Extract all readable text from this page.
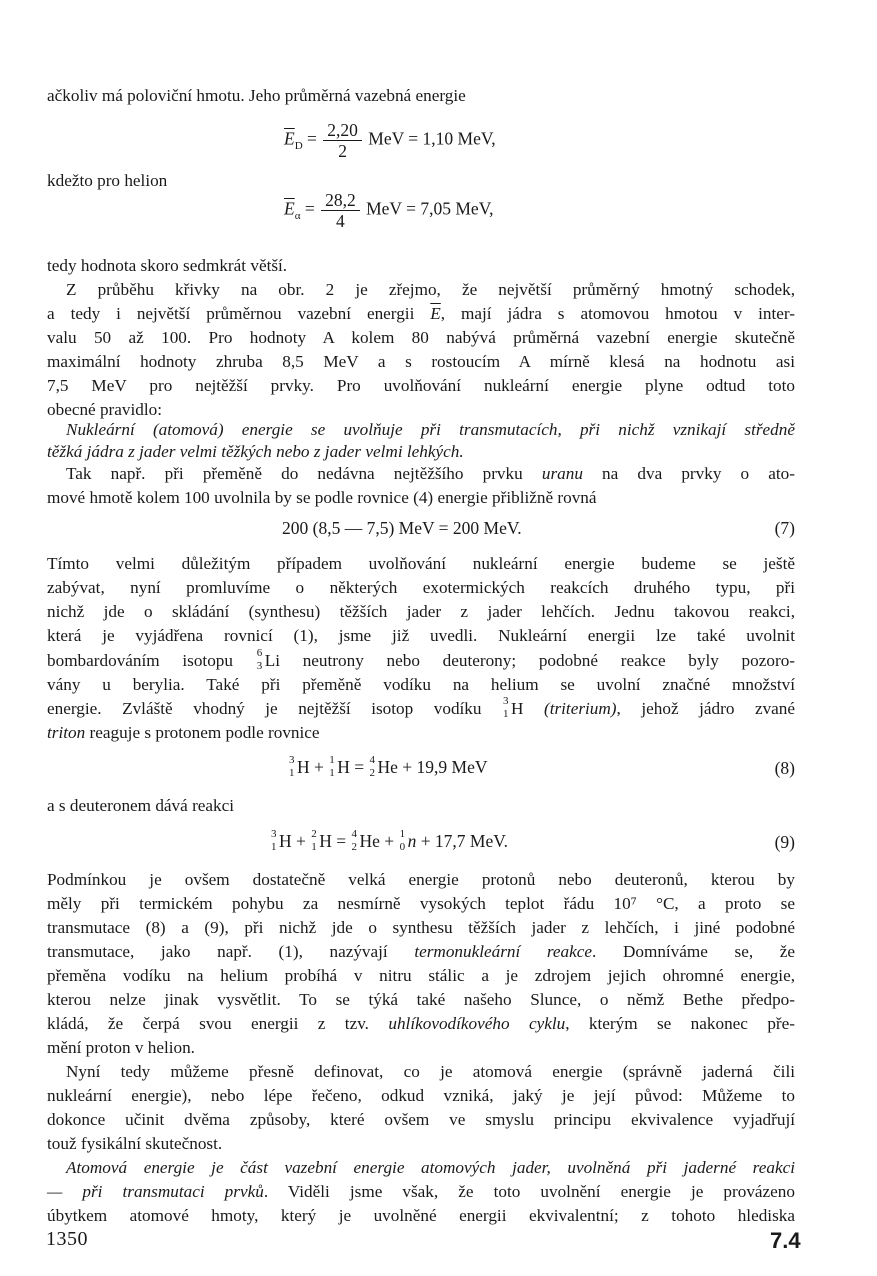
ačkoliv má poloviční hmotu. Jeho průměrná vazebná energie
$\overline{E}_D = \frac{2,20}{2}$ MeV = 1,10 MeV,
kdežto pro helion
$\overline{E}_\alpha = \frac{28,2}{4}$ MeV = 7,05 MeV,
tedy hodnota skoro sedmkrát větší.
Z průběhu křivky na obr. 2 je zřejmo, že největší průměrný hmotný schodek,
a tedy i největší průměrnou vazební energii $\overline{E}$, mají jádra s atomovou hmotou v inter-
valu 50 až 100. Pro hodnoty A kolem 80 nabývá průměrná vazební energie skutečně
maximální hodnoty zhruba 8,5 MeV a s rostoucím A mírně klesá na hodnotu asi
7,5 MeV pro nejtěžší prvky. Pro uvolňování nukleární energie plyne odtud toto
obecné pravidlo:
Nukleární (atomová) energie se uvolňuje při transmutacích, při nichž vznikají středně
těžká jádra z jader velmi těžkých nebo z jader velmi lehkých.
Tak např. při přeměně do nedávna nejtěžšího prvku uranu na dva prvky o ato-
mové hmotě kolem 100 uvolnila by se podle rovnice (4) energie přibližně rovná
200 (8,5 — 7,5) MeV = 200 MeV.	(7)
Tímto velmi důležitým případem uvolňování nukleární energie budeme se ještě
zabývat, nyní promluvíme o některých exotermických reakcích druhého typu, při
nichž jde o skládání (synthesu) těžších jader z jader lehčích. Jednu takovou reakci,
která je vyjádřena rovnicí (1), jsme již uvedli. Nukleární energii lze také uvolnit
bombardováním isotopu 6
3 Li neutrony nebo deuterony; podobné reakce byly pozoro-
vány u berylia. Také při přeměně vodíku na helium se uvolní značné množství
energie. Zvláště vhodný je nejtěžší isotop vodíku 3
1 H (triterium), jehož jádro zvané
triton reaguje s protonem podle rovnice
3
1 H + 1
1 H = 4
2 He + 19,9 MeV	(8)
a s deuteronem dává reakci
3
1 H + 2
1 H = 4
2 He + 1
0 n + 17,7 MeV.	(9)
Podmínkou je ovšem dostatečně velká energie protonů nebo deuteronů, kterou by
měly při termickém pohybu za nesmírně vysokých teplot řádu 10⁷ °C, a proto se
transmutace (8) a (9), při nichž jde o synthesu těžších jader z lehčích, i jiné podobné
transmutace, jako např. (1), nazývají termonukleární reakce. Domníváme se, že
přeměna vodíku na helium probíhá v nitru stálic a je zdrojem jejich ohromné energie,
kterou nelze jinak vysvětlit. To se týká také našeho Slunce, o němž Bethe předpo-
kládá, že čerpá svou energii z tzv. uhlíkovodíkového cyklu, kterým se nakonec pře-
mění proton v helion.
Nyní tedy můžeme přesně definovat, co je atomová energie (správně jaderná čili
nukleární energie), nebo lépe řečeno, odkud vzniká, jaký je její původ: Můžeme to
dokonce učinit dvěma způsoby, které ovšem ve smyslu principu ekvivalence vyjadřují
touž fysikální skutečnost.
Atomová energie je část vazební energie atomových jader, uvolněná při jaderné reakci
— při transmutaci prvků. Viděli jsme však, že toto uvolnění energie je provázeno
úbytkem atomové hmoty, který je uvolněné energii ekvivalentní; z tohoto hlediska
1350	7.4
